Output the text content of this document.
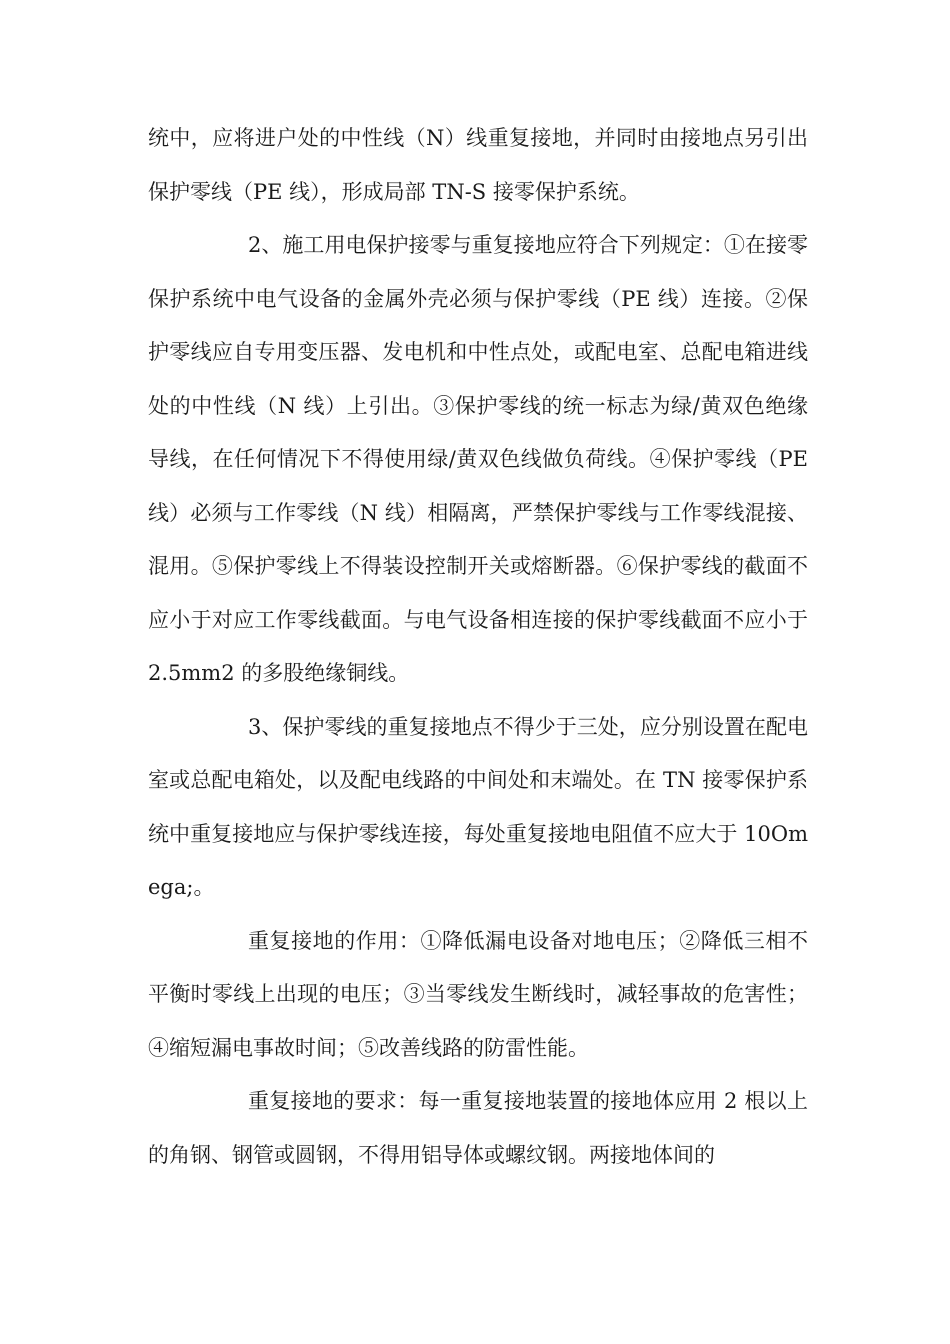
统中，应将进户处的中性线（N）线重复接地，并同时由接地点另引出保护零线（PE 线），形成局部 TN-S 接零保护系统。

2、施工用电保护接零与重复接地应符合下列规定：①在接零保护系统中电气设备的金属外壳必须与保护零线（PE 线）连接。②保护零线应自专用变压器、发电机和中性点处，或配电室、总配电箱进线处的中性线（N 线）上引出。③保护零线的统一标志为绿/黄双色绝缘导线，在任何情况下不得使用绿/黄双色线做负荷线。④保护零线（PE 线）必须与工作零线（N 线）相隔离，严禁保护零线与工作零线混接、混用。⑤保护零线上不得装设控制开关或熔断器。⑥保护零线的截面不应小于对应工作零线截面。与电气设备相连接的保护零线截面不应小于 2.5mm2 的多股绝缘铜线。

3、保护零线的重复接地点不得少于三处，应分别设置在配电室或总配电箱处，以及配电线路的中间处和末端处。在 TN 接零保护系统中重复接地应与保护零线连接，每处重复接地电阻值不应大于 10Omega;。

重复接地的作用：①降低漏电设备对地电压；②降低三相不平衡时零线上出现的电压；③当零线发生断线时，减轻事故的危害性；④缩短漏电事故时间；⑤改善线路的防雷性能。

重复接地的要求：每一重复接地装置的接地体应用 2 根以上的角钢、钢管或圆钢，不得用铝导体或螺纹钢。两接地体间的
